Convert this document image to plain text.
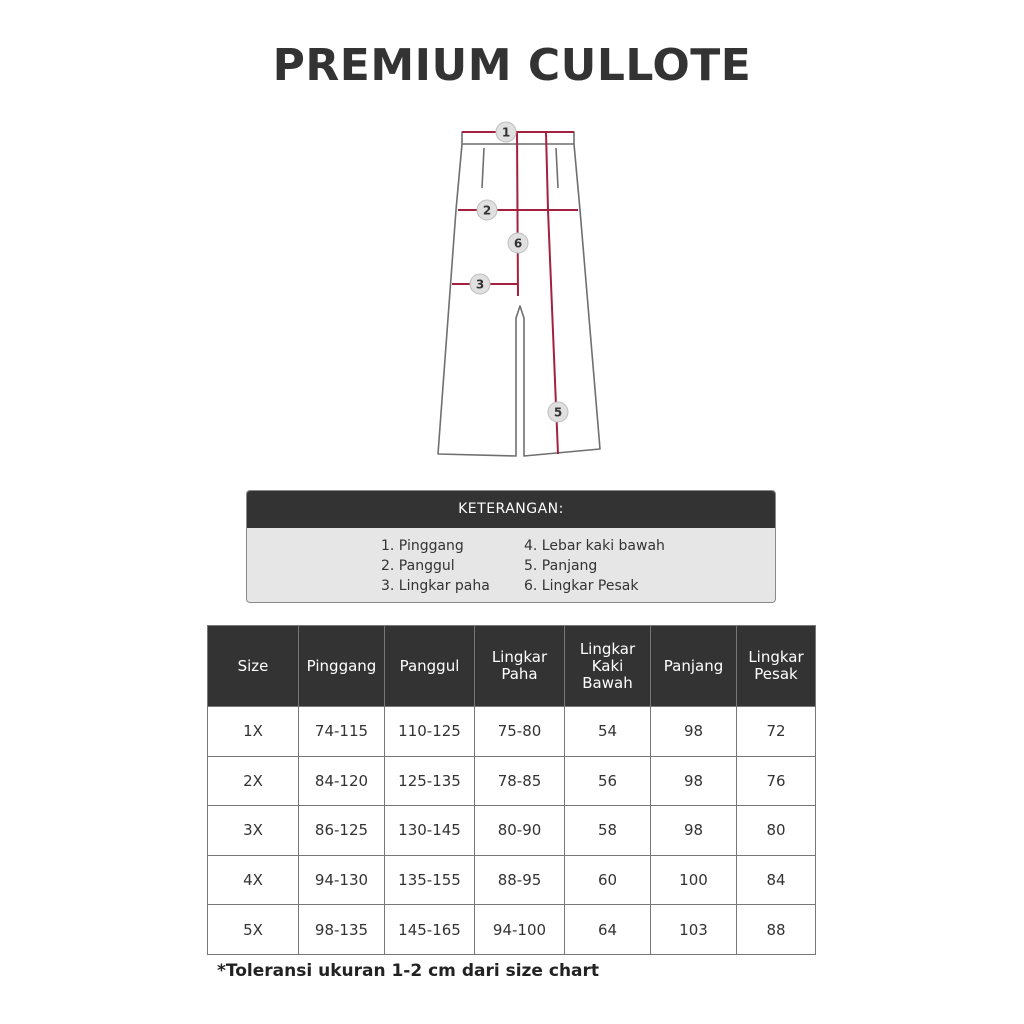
PREMIUM CULLOTE
1
2
3
5
6
KETERANGAN:
1. Pinggang
2. Panggul
3. Lingkar paha
4. Lebar kaki bawah
5. Panjang
6. Lingkar Pesak
Size	Pinggang	Panggul	Lingkar Paha	Lingkar Kaki Bawah	Panjang	Lingkar Pesak
1X	74-115	110-125	75-80	54	98	72
2X	84-120	125-135	78-85	56	98	76
3X	86-125	130-145	80-90	58	98	80
4X	94-130	135-155	88-95	60	100	84
5X	98-135	145-165	94-100	64	103	88
*Toleransi ukuran 1-2 cm dari size chart
